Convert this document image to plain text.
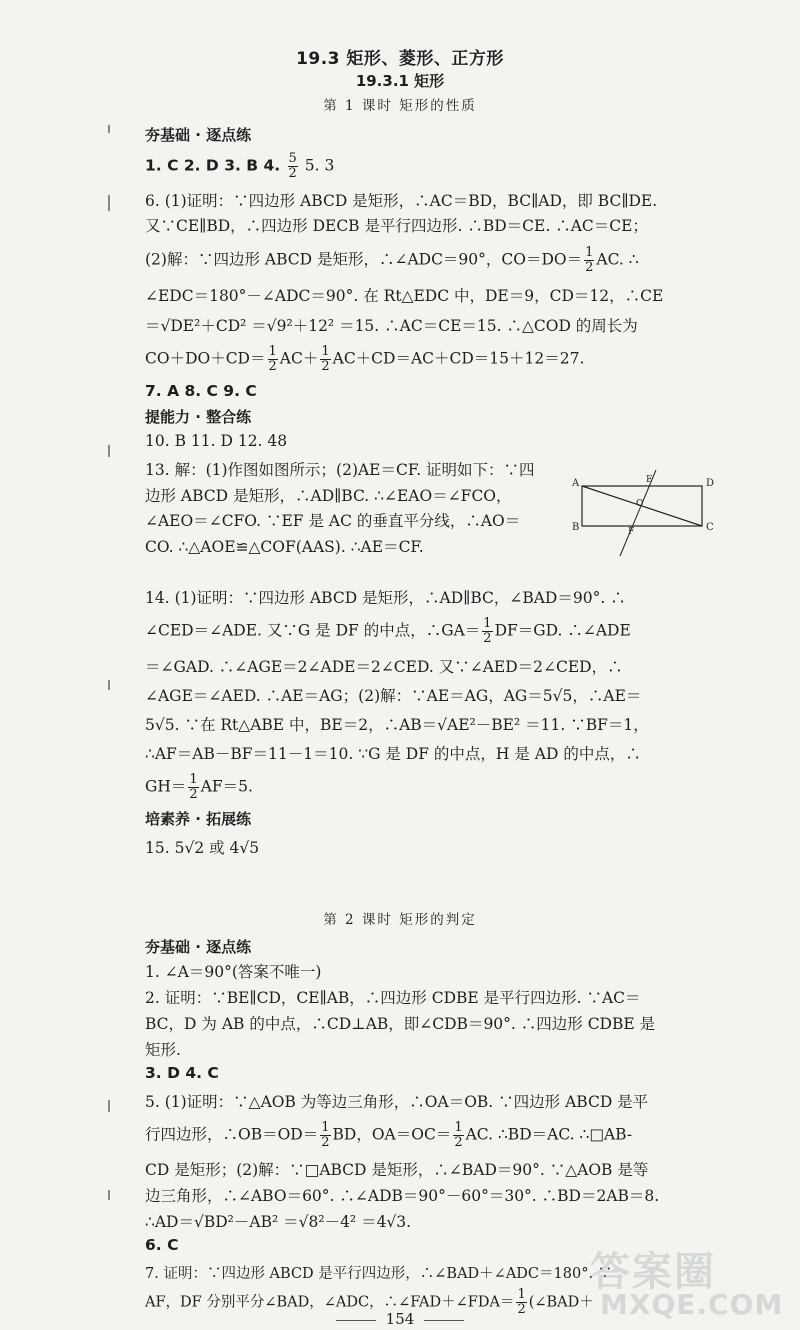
19.3 矩形、菱形、正方形
19.3.1 矩形
第 1 课时 矩形的性质
夯基础 · 逐点练
1. C 2. D 3. B 4. $\frac{5}{2} 5$. 3
6. (1)证明：∵四边形 ABCD 是矩形，∴AC＝BD，BC∥AD，即 BC∥DE.
又∵CE∥BD，∴四边形 DECB 是平行四边形. ∴BD＝CE. ∴AC＝CE；
(2)解：∵四边形 ABCD 是矩形，∴∠ADC＝90°，$CO=DO= \frac{1}{2}$ AC. ∴
∠EDC＝180°－∠ADC＝90°. 在 Rt△EDC 中，DE＝9，CD＝12，∴CE
＝√DE²＋CD² ＝√9²＋12² ＝15. ∴AC＝CE＝15. ∴△COD 的周长为
$CO+DO+CD= \frac{1}{2} AC+ \frac{1}{2} AC+CD=AC+CD=15+12=27$.
7. A 8. C 9. C
提能力 · 整合练
10. B 11. D 12. 48
13. 解：(1)作图如图所示；(2)AE＝CF. 证明如下：∵四
边形 ABCD 是矩形，∴AD∥BC. ∴∠EAO＝∠FCO，
∠AEO＝∠CFO. ∵EF 是 AC 的垂直平分线，∴AO＝
CO. ∴△AOE≌△COF(AAS). ∴AE＝CF.
A
B	C
D
E
F
O
14. (1)证明：∵四边形 ABCD 是矩形，∴AD∥BC，∠BAD＝90°. ∴
∠CED＝∠ADE. 又∵G 是 DF 的中点，∴GA＝ $\frac{1}{2} DF=GD$. ∴∠ADE
＝∠GAD. ∴∠AGE＝2∠ADE＝2∠CED. 又∵∠AED＝2∠CED，∴
∠AGE＝∠AED. ∴AE＝AG；(2)解：∵AE＝AG，AG＝5√5，∴AE＝
5√5. ∵在 Rt△ABE 中，BE＝2，∴AB＝√AE²－BE² ＝11. ∵BF＝1，
∴AF＝AB－BF＝11－1＝10. ∵G 是 DF 的中点，H 是 AD 的中点，∴
$GH= \frac{1}{2} AF=5$.
培素养 · 拓展练
15. 5√2 或 4√5
第 2 课时 矩形的判定
夯基础 · 逐点练
1. ∠A＝90°(答案不唯一)
2. 证明：∵BE∥CD，CE∥AB，∴四边形 CDBE 是平行四边形. ∵AC＝
BC，D 为 AB 的中点，∴CD⊥AB，即∠CDB＝90°. ∴四边形 CDBE 是
矩形.
3. D 4. C
5. (1)证明：∵△AOB 为等边三角形，∴OA＝OB. ∵四边形 ABCD 是平
行四边形，∴OB＝OD＝ $\frac{1}{2}$ BD，$OA=OC= \frac{1}{2}$ AC. ∴BD＝AC. ∴□AB-
CD 是矩形；(2)解：∵□ABCD 是矩形，∴∠BAD＝90°. ∵△AOB 是等
边三角形，∴∠ABO＝60°. ∴∠ADB＝90°－60°＝30°. ∴BD＝2AB＝8.
∴AD＝√BD²－AB² ＝√8²－4² ＝4√3.
6. C
7. 证明：∵四边形 ABCD 是平行四边形，∴∠BAD＋∠ADC＝180°. ∵
AF，DF 分别平分∠BAD，∠ADC，∴∠FAD＋∠FDA＝ $\frac{1}{2}$ (∠BAD＋
154
答案圈
MXQE.COM
